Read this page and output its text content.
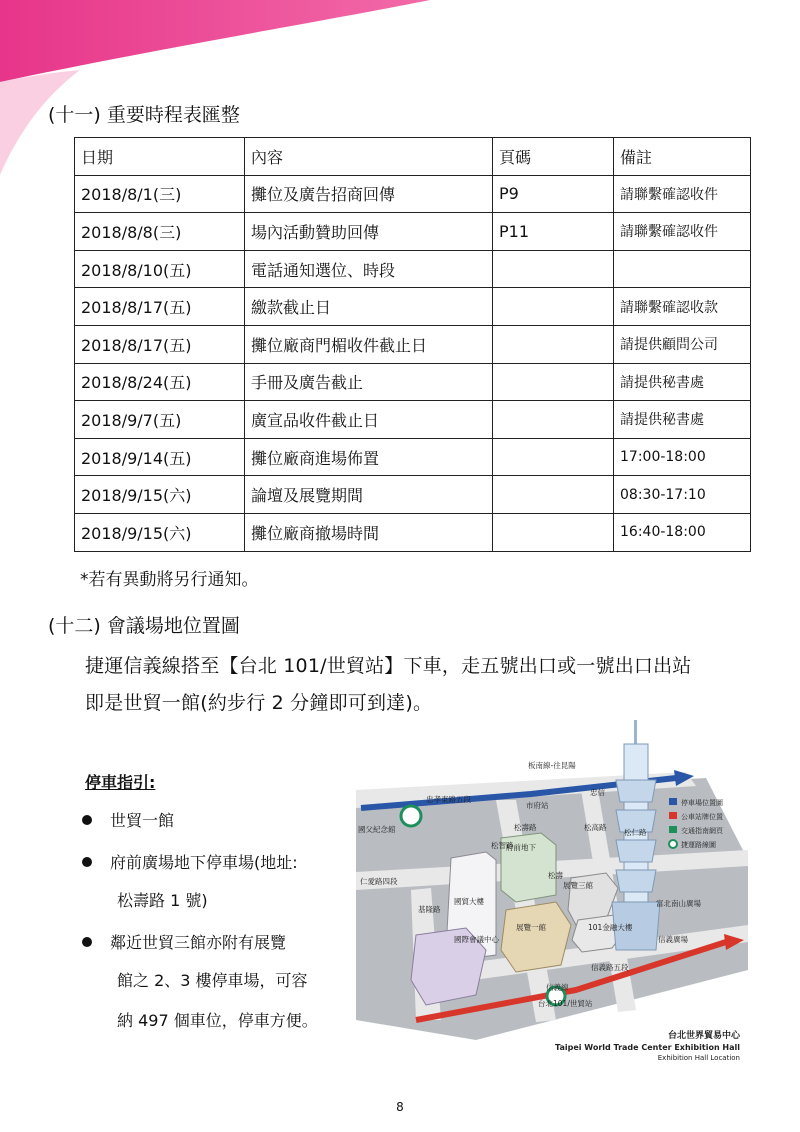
(十一) 重要時程表匯整
日期	內容	頁碼	備註
2018/8/1(三)	攤位及廣告招商回傳	P9	請聯繫確認收件
2018/8/8(三)	場內活動贊助回傳	P11	請聯繫確認收件
2018/8/10(五)	電話通知選位、時段		
2018/8/17(五)	繳款截止日		請聯繫確認收款
2018/8/17(五)	攤位廠商門楣收件截止日		請提供顧問公司
2018/8/24(五)	手冊及廣告截止		請提供秘書處
2018/9/7(五)	廣宣品收件截止日		請提供秘書處
2018/9/14(五)	攤位廠商進場佈置		17:00-18:00
2018/9/15(六)	論壇及展覽期間		08:30-17:10
2018/9/15(六)	攤位廠商撤場時間		16:40-18:00
*若有異動將另行通知。
(十二) 會議場地位置圖
捷運信義線搭至【台北 101/世貿站】下車，走五號出口或一號出口出站
即是世貿一館(約步行 2 分鐘即可到達)。
停車指引:
世貿一館
府前廣場地下停車場(地址:
松壽路 1 號)
鄰近世貿三館亦附有展覽
館之 2、3 樓停車場，可容
納 497 個車位，停車方便。
板南線-往昆陽
國父紀念館
忠孝東路五段
市府站
忠信
松壽路	松高路
松智路
基隆路
仁愛路四段
信義路五段
松仁路
松壽
府前地下
展覽三館
展覽一館
國際會議中心
國貿大樓
101金融大樓
富北南山廣場
信義廣場
信義線
台北101/世貿站
停車場位置圖
公車站牌位置
交通指南網頁
捷運路線圖
台北世界貿易中心
Taipei World Trade Center Exhibition Hall
Exhibition Hall Location
8
